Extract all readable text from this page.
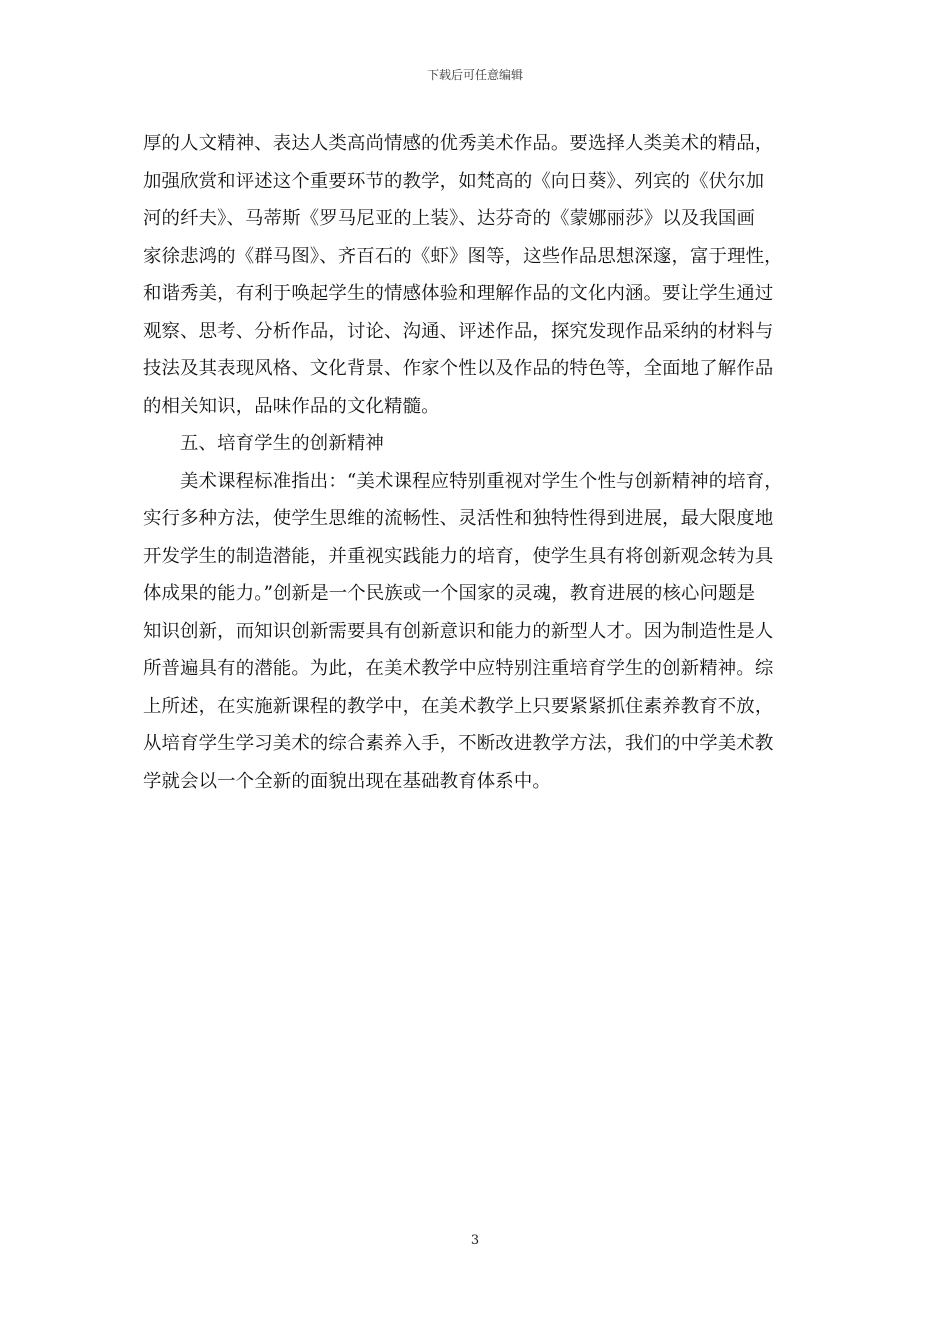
下载后可任意编辑
厚的人文精神、表达人类高尚情感的优秀美术作品。要选择人类美术的精品，
加强欣赏和评述这个重要环节的教学，如梵高的《向日葵》、列宾的《伏尔加
河的纤夫》、马蒂斯《罗马尼亚的上装》、达芬奇的《蒙娜丽莎》以及我国画
家徐悲鸿的《群马图》、齐百石的《虾》图等，这些作品思想深邃，富于理性，
和谐秀美，有利于唤起学生的情感体验和理解作品的文化内涵。要让学生通过
观察、思考、分析作品，讨论、沟通、评述作品，探究发现作品采纳的材料与
技法及其表现风格、文化背景、作家个性以及作品的特色等，全面地了解作品
的相关知识，品味作品的文化精髓。
五、培育学生的创新精神
美术课程标准指出：“美术课程应特别重视对学生个性与创新精神的培育，
实行多种方法，使学生思维的流畅性、灵活性和独特性得到进展，最大限度地
开发学生的制造潜能，并重视实践能力的培育，使学生具有将创新观念转为具
体成果的能力。”创新是一个民族或一个国家的灵魂，教育进展的核心问题是
知识创新，而知识创新需要具有创新意识和能力的新型人才。因为制造性是人
所普遍具有的潜能。为此，在美术教学中应特别注重培育学生的创新精神。综
上所述，在实施新课程的教学中，在美术教学上只要紧紧抓住素养教育不放，
从培育学生学习美术的综合素养入手，不断改进教学方法，我们的中学美术教
学就会以一个全新的面貌出现在基础教育体系中。
3
